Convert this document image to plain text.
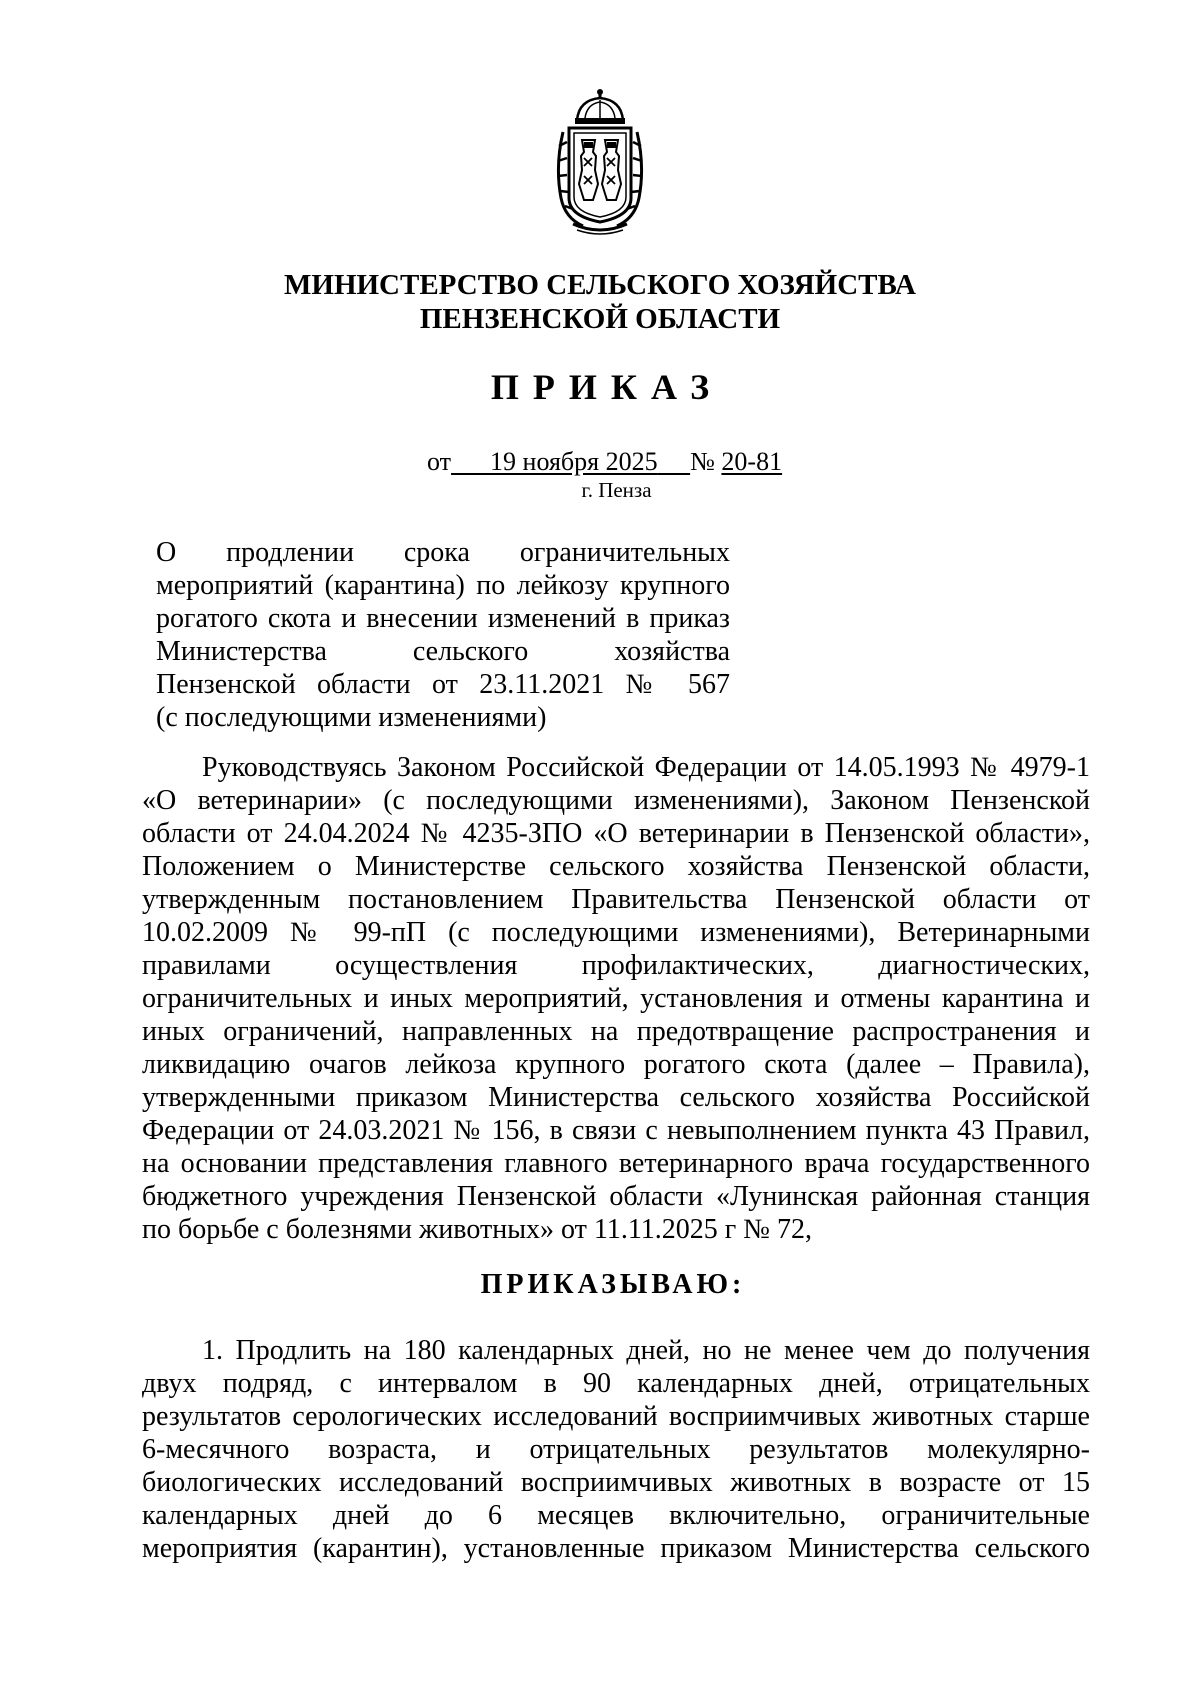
МИНИСТЕРСТВО СЕЛЬСКОГО ХОЗЯЙСТВА
ПЕНЗЕНСКОЙ ОБЛАСТИ
ПРИКАЗ
от 19 ноября 2025 № 20-81
г. Пенза
О продлении срока ограничительных
мероприятий (карантина) по лейкозу крупного
рогатого скота и внесении изменений в приказ
Министерства сельского хозяйства
Пензенской области от 23.11.2021 № 567
(с последующими изменениями)
Руководствуясь Законом Российской Федерации от 14.05.1993 № 4979-1
«О ветеринарии» (с последующими изменениями), Законом Пензенской
области от 24.04.2024 № 4235-ЗПО «О ветеринарии в Пензенской области»,
Положением о Министерстве сельского хозяйства Пензенской области,
утвержденным постановлением Правительства Пензенской области от
10.02.2009 № 99-пП (с последующими изменениями), Ветеринарными
правилами осуществления профилактических, диагностических,
ограничительных и иных мероприятий, установления и отмены карантина и
иных ограничений, направленных на предотвращение распространения и
ликвидацию очагов лейкоза крупного рогатого скота (далее – Правила),
утвержденными приказом Министерства сельского хозяйства Российской
Федерации от 24.03.2021 № 156, в связи с невыполнением пункта 43 Правил,
на основании представления главного ветеринарного врача государственного
бюджетного учреждения Пензенской области «Лунинская районная станция
по борьбе с болезнями животных» от 11.11.2025 г № 72,
ПРИКАЗЫВАЮ:
1. Продлить на 180 календарных дней, но не менее чем до получения
двух подряд, с интервалом в 90 календарных дней, отрицательных
результатов серологических исследований восприимчивых животных старше
6-месячного возраста, и отрицательных результатов молекулярно-
биологических исследований восприимчивых животных в возрасте от 15
календарных дней до 6 месяцев включительно, ограничительные
мероприятия (карантин), установленные приказом Министерства сельского
